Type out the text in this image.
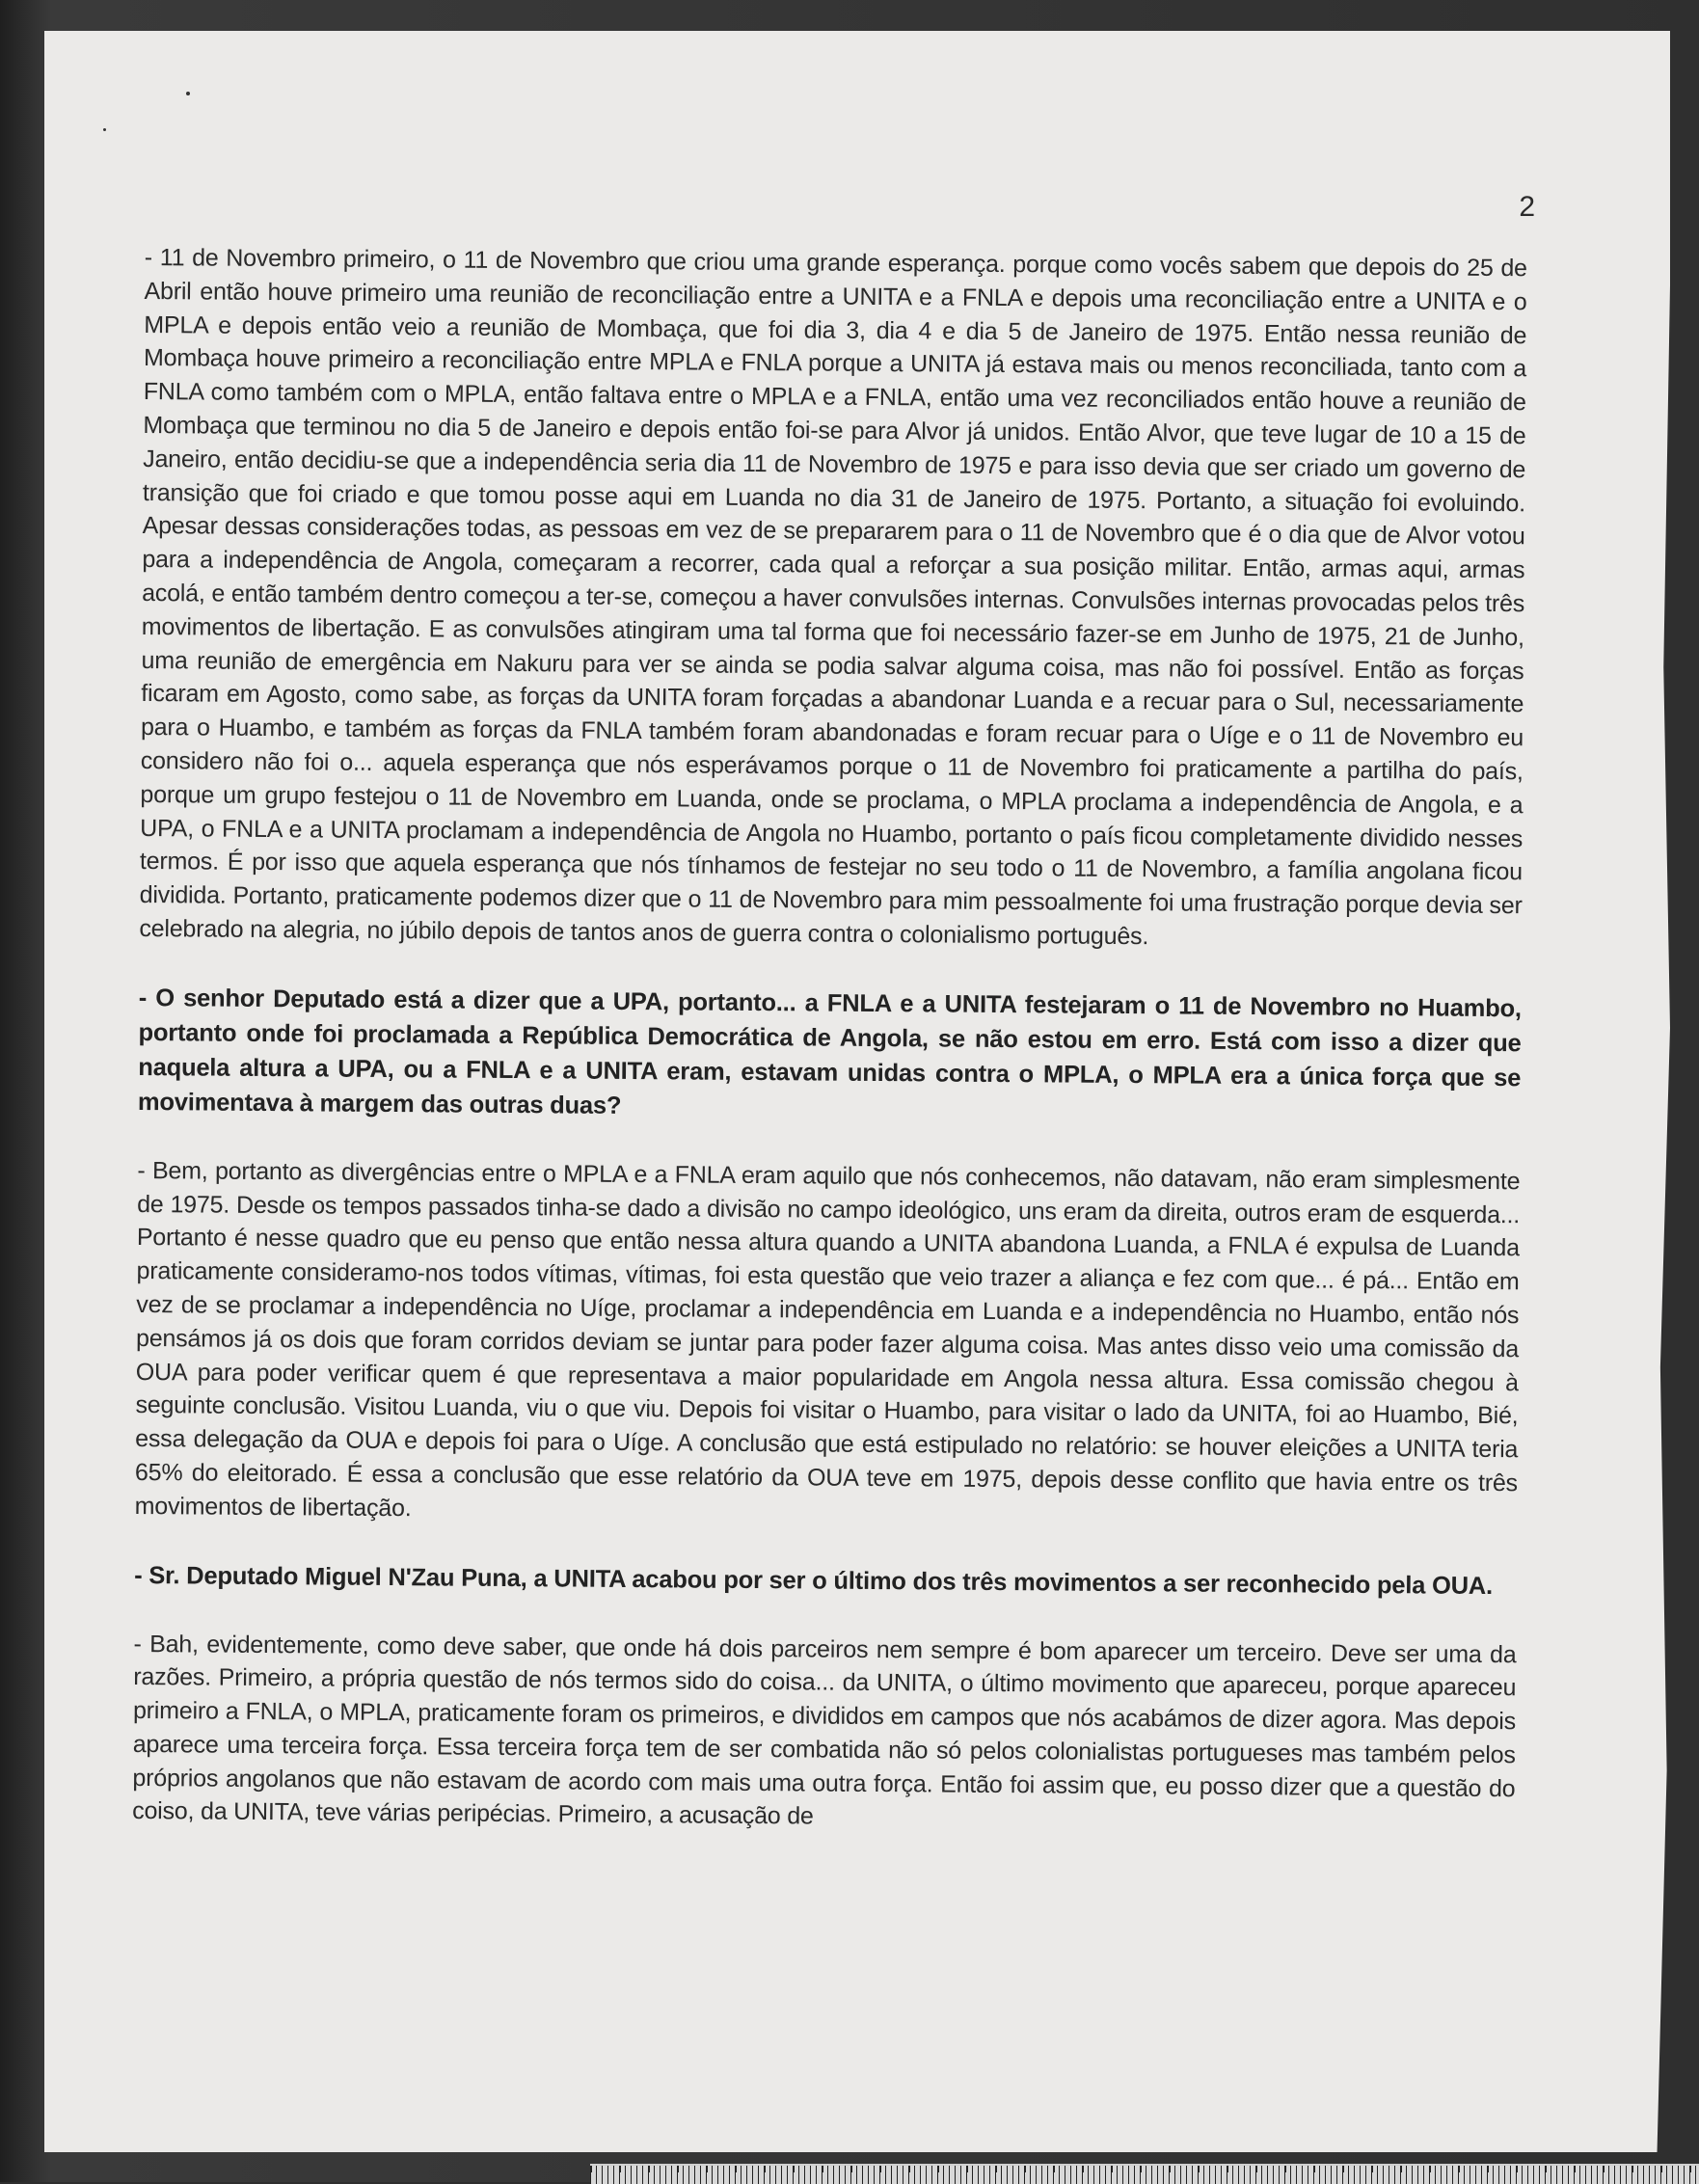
2

- 11 de Novembro primeiro, o 11 de Novembro que criou uma grande esperança. porque como vocês sabem que depois do 25 de Abril então houve primeiro uma reunião de reconciliação entre a UNITA e a FNLA e depois uma reconciliação entre a UNITA e o MPLA e depois então veio a reunião de Mombaça, que foi dia 3, dia 4 e dia 5 de Janeiro de 1975. Então nessa reunião de Mombaça houve primeiro a reconciliação entre MPLA e FNLA porque a UNITA já estava mais ou menos reconciliada, tanto com a FNLA como também com o MPLA, então faltava entre o MPLA e a FNLA, então uma vez reconciliados então houve a reunião de Mombaça que terminou no dia 5 de Janeiro e depois então foi-se para Alvor já unidos. Então Alvor, que teve lugar de 10 a 15 de Janeiro, então decidiu-se que a independência seria dia 11 de Novembro de 1975 e para isso devia que ser criado um governo de transição que foi criado e que tomou posse aqui em Luanda no dia 31 de Janeiro de 1975. Portanto, a situação foi evoluindo. Apesar dessas considerações todas, as pessoas em vez de se prepararem para o 11 de Novembro que é o dia que de Alvor votou para a independência de Angola, começaram a recorrer, cada qual a reforçar a sua posição militar. Então, armas aqui, armas acolá, e então também dentro começou a ter-se, começou a haver convulsões internas. Convulsões internas provocadas pelos três movimentos de libertação. E as convulsões atingiram uma tal forma que foi necessário fazer-se em Junho de 1975, 21 de Junho, uma reunião de emergência em Nakuru para ver se ainda se podia salvar alguma coisa, mas não foi possível. Então as forças ficaram em Agosto, como sabe, as forças da UNITA foram forçadas a abandonar Luanda e a recuar para o Sul, necessariamente para o Huambo, e também as forças da FNLA também foram abandonadas e foram recuar para o Uíge e o 11 de Novembro eu considero não foi o... aquela esperança que nós esperávamos porque o 11 de Novembro foi praticamente a partilha do país, porque um grupo festejou o 11 de Novembro em Luanda, onde se proclama, o MPLA proclama a independência de Angola, e a UPA, o FNLA e a UNITA proclamam a independência de Angola no Huambo, portanto o país ficou completamente dividido nesses termos. É por isso que aquela esperança que nós tínhamos de festejar no seu todo o 11 de Novembro, a família angolana ficou dividida. Portanto, praticamente podemos dizer que o 11 de Novembro para mim pessoalmente foi uma frustração porque devia ser celebrado na alegria, no júbilo depois de tantos anos de guerra contra o colonialismo português.

- O senhor Deputado está a dizer que a UPA, portanto... a FNLA e a UNITA festejaram o 11 de Novembro no Huambo, portanto onde foi proclamada a República Democrática de Angola, se não estou em erro. Está com isso a dizer que naquela altura a UPA, ou a FNLA e a UNITA eram, estavam unidas contra o MPLA, o MPLA era a única força que se movimentava à margem das outras duas?

- Bem, portanto as divergências entre o MPLA e a FNLA eram aquilo que nós conhecemos, não datavam, não eram simplesmente de 1975. Desde os tempos passados tinha-se dado a divisão no campo ideológico, uns eram da direita, outros eram de esquerda... Portanto é nesse quadro que eu penso que então nessa altura quando a UNITA abandona Luanda, a FNLA é expulsa de Luanda praticamente consideramo-nos todos vítimas, vítimas, foi esta questão que veio trazer a aliança e fez com que... é pá... Então em vez de se proclamar a independência no Uíge, proclamar a independência em Luanda e a independência no Huambo, então nós pensámos já os dois que foram corridos deviam se juntar para poder fazer alguma coisa. Mas antes disso veio uma comissão da OUA para poder verificar quem é que representava a maior popularidade em Angola nessa altura. Essa comissão chegou à seguinte conclusão. Visitou Luanda, viu o que viu. Depois foi visitar o Huambo, para visitar o lado da UNITA, foi ao Huambo, Bié, essa delegação da OUA e depois foi para o Uíge. A conclusão que está estipulado no relatório: se houver eleições a UNITA teria 65% do eleitorado. É essa a conclusão que esse relatório da OUA teve em 1975, depois desse conflito que havia entre os três movimentos de libertação.

- Sr. Deputado Miguel N'Zau Puna, a UNITA acabou por ser o último dos três movimentos a ser reconhecido pela OUA.

- Bah, evidentemente, como deve saber, que onde há dois parceiros nem sempre é bom aparecer um terceiro. Deve ser uma da razões. Primeiro, a própria questão de nós termos sido do coisa... da UNITA, o último movimento que apareceu, porque apareceu primeiro a FNLA, o MPLA, praticamente foram os primeiros, e divididos em campos que nós acabámos de dizer agora. Mas depois aparece uma terceira força. Essa terceira força tem de ser combatida não só pelos colonialistas portugueses mas também pelos próprios angolanos que não estavam de acordo com mais uma outra força. Então foi assim que, eu posso dizer que a questão do coiso, da UNITA, teve várias peripécias. Primeiro, a acusação de
